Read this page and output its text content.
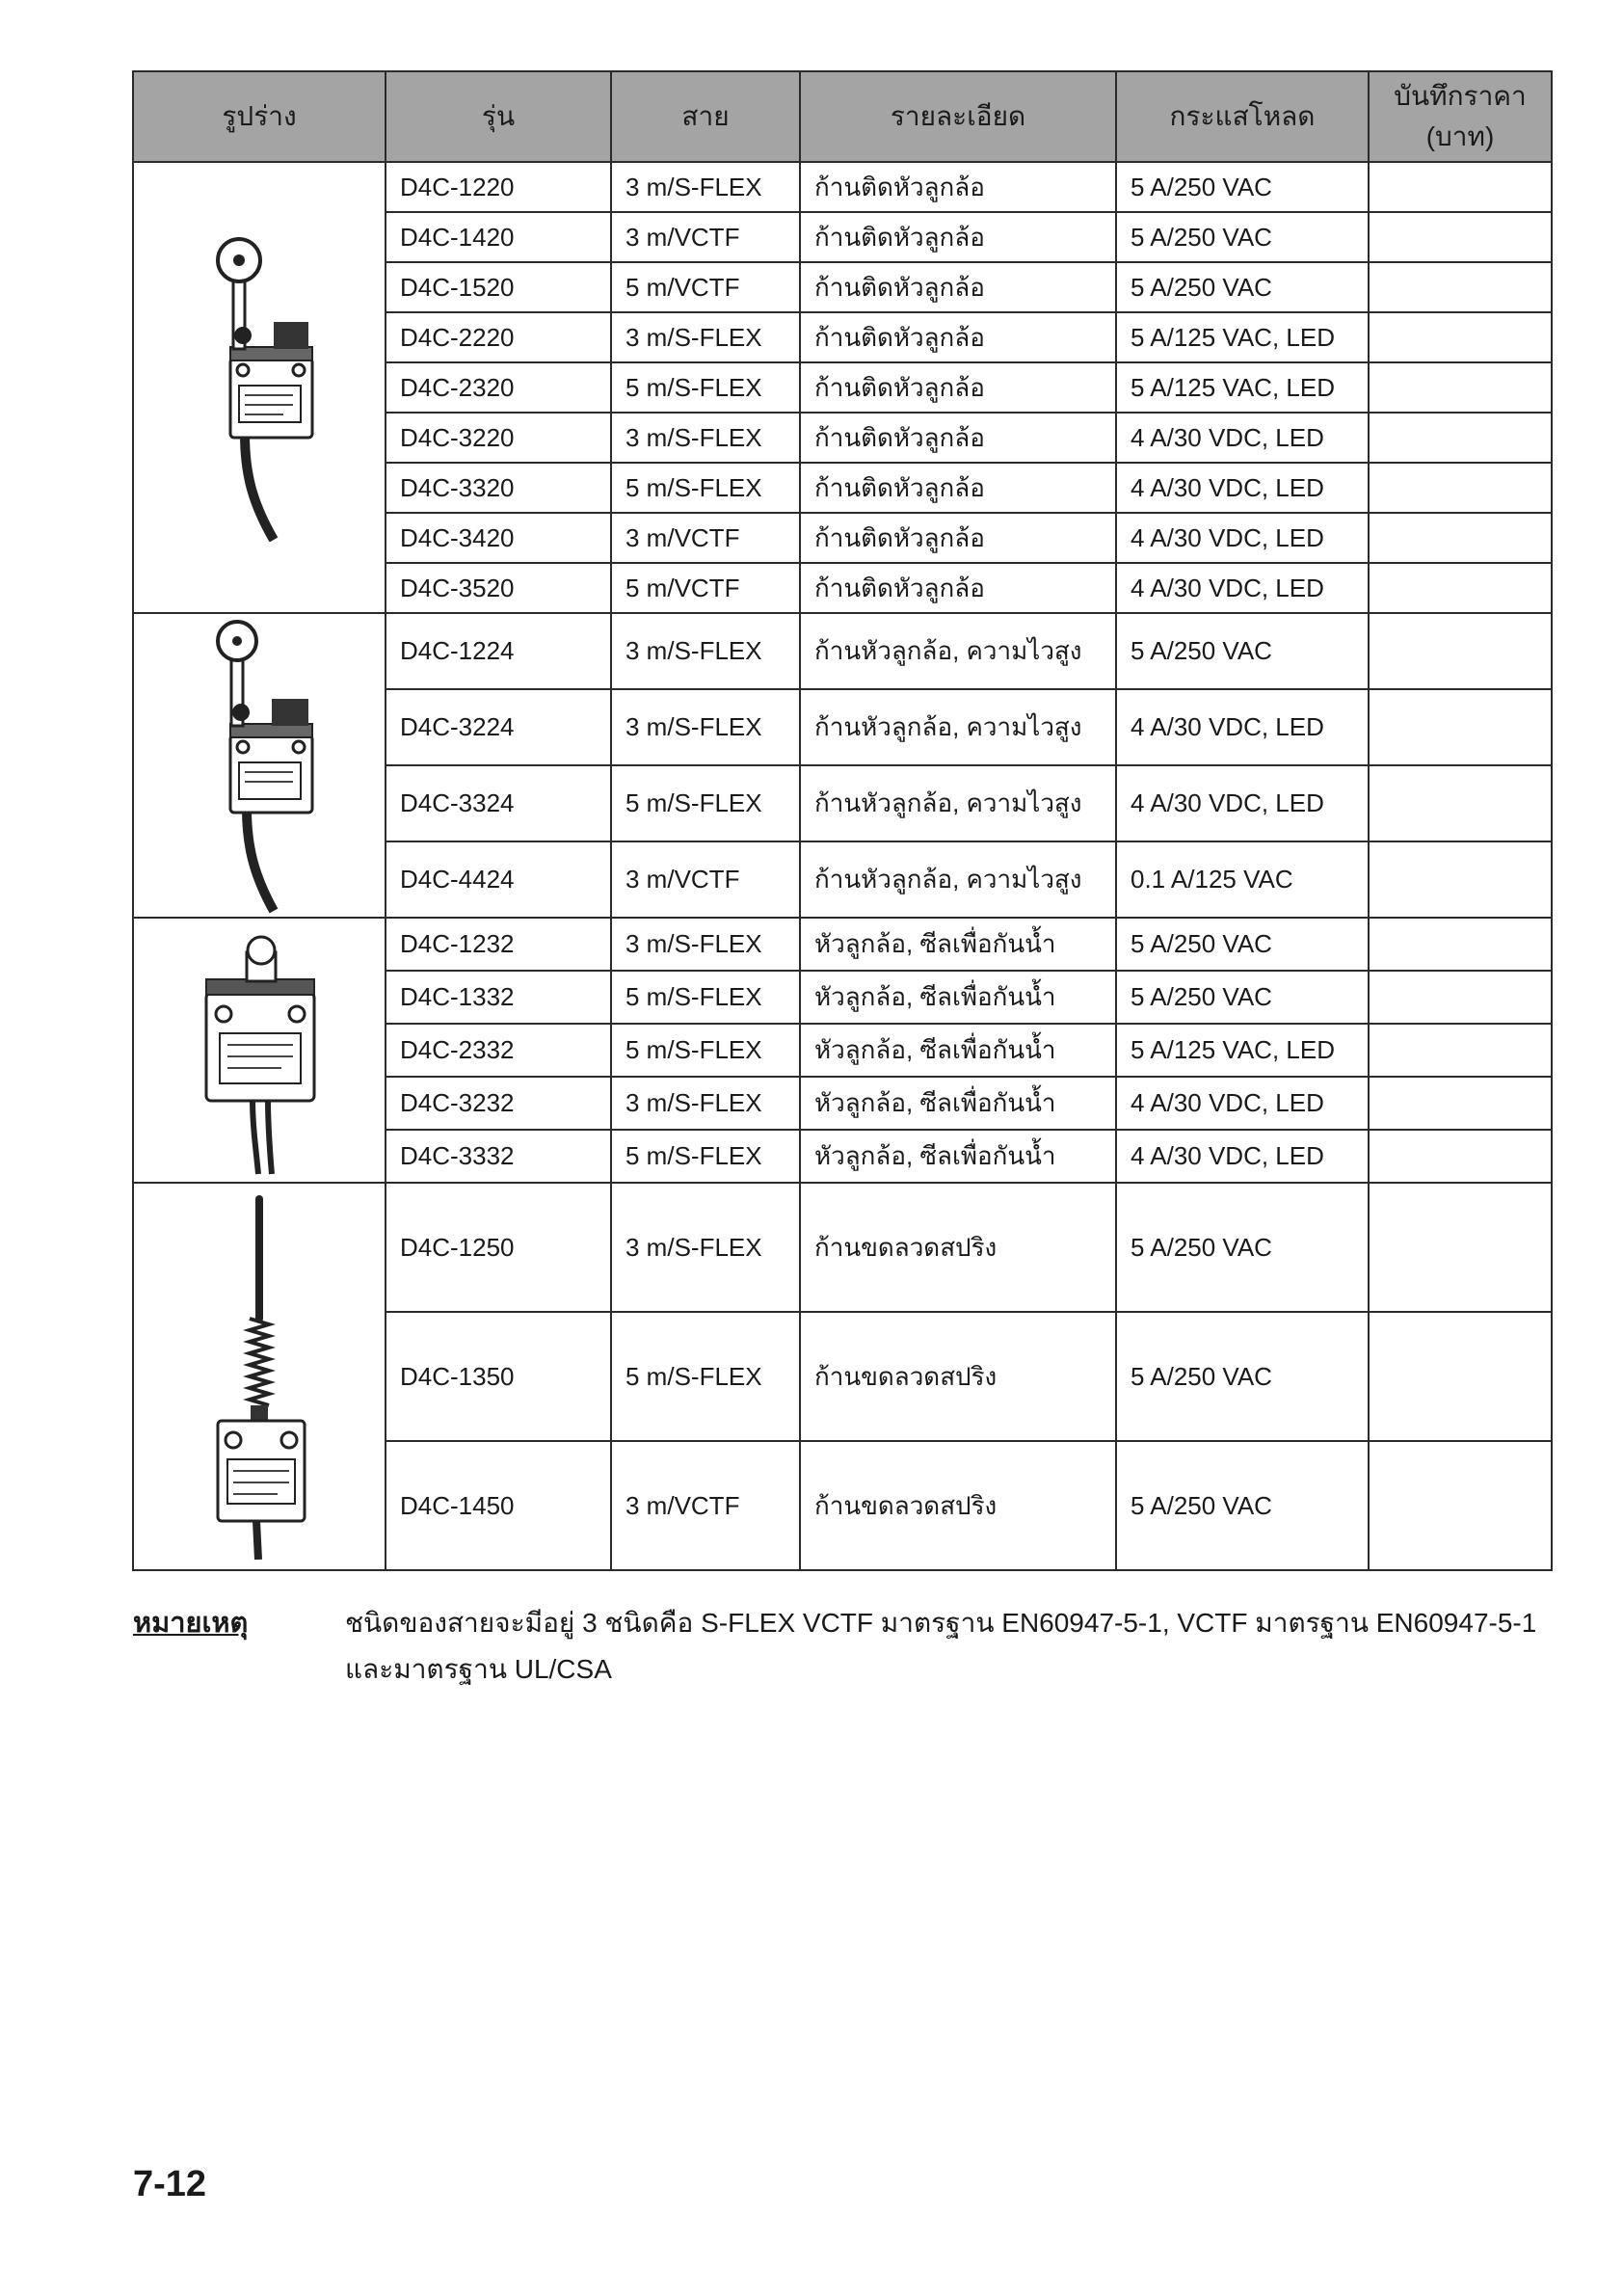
รูปร่าง	รุ่น	สาย	รายละเอียด	กระแสโหลด	บันทึกราคา
(บาท)

	D4C-1220	3 m/S-FLEX	ก้านติดหัวลูกล้อ	5 A/250 VAC	
	D4C-1420	3 m/VCTF	ก้านติดหัวลูกล้อ	5 A/250 VAC	
	D4C-1520	5 m/VCTF	ก้านติดหัวลูกล้อ	5 A/250 VAC	
	D4C-2220	3 m/S-FLEX	ก้านติดหัวลูกล้อ	5 A/125 VAC, LED	
	D4C-2320	5 m/S-FLEX	ก้านติดหัวลูกล้อ	5 A/125 VAC, LED	
	D4C-3220	3 m/S-FLEX	ก้านติดหัวลูกล้อ	4 A/30 VDC, LED	
	D4C-3320	5 m/S-FLEX	ก้านติดหัวลูกล้อ	4 A/30 VDC, LED	
	D4C-3420	3 m/VCTF	ก้านติดหัวลูกล้อ	4 A/30 VDC, LED	
	D4C-3520	5 m/VCTF	ก้านติดหัวลูกล้อ	4 A/30 VDC, LED	

	D4C-1224	3 m/S-FLEX	ก้านหัวลูกล้อ, ความไวสูง	5 A/250 VAC	
	D4C-3224	3 m/S-FLEX	ก้านหัวลูกล้อ, ความไวสูง	4 A/30 VDC, LED	
	D4C-3324	5 m/S-FLEX	ก้านหัวลูกล้อ, ความไวสูง	4 A/30 VDC, LED	
	D4C-4424	3 m/VCTF	ก้านหัวลูกล้อ, ความไวสูง	0.1 A/125 VAC	

	D4C-1232	3 m/S-FLEX	หัวลูกล้อ, ซีลเพื่อกันน้ำ	5 A/250 VAC	
	D4C-1332	5 m/S-FLEX	หัวลูกล้อ, ซีลเพื่อกันน้ำ	5 A/250 VAC	
	D4C-2332	5 m/S-FLEX	หัวลูกล้อ, ซีลเพื่อกันน้ำ	5 A/125 VAC, LED	
	D4C-3232	3 m/S-FLEX	หัวลูกล้อ, ซีลเพื่อกันน้ำ	4 A/30 VDC, LED	
	D4C-3332	5 m/S-FLEX	หัวลูกล้อ, ซีลเพื่อกันน้ำ	4 A/30 VDC, LED	

	D4C-1250	3 m/S-FLEX	ก้านขดลวดสปริง	5 A/250 VAC	
	D4C-1350	5 m/S-FLEX	ก้านขดลวดสปริง	5 A/250 VAC	
	D4C-1450	3 m/VCTF	ก้านขดลวดสปริง	5 A/250 VAC	
หมายเหตุ	ชนิดของสายจะมีอยู่ 3 ชนิดคือ S-FLEX VCTF มาตรฐาน EN60947-5-1, VCTF มาตรฐาน EN60947-5-1
และมาตรฐาน UL/CSA
7-12
